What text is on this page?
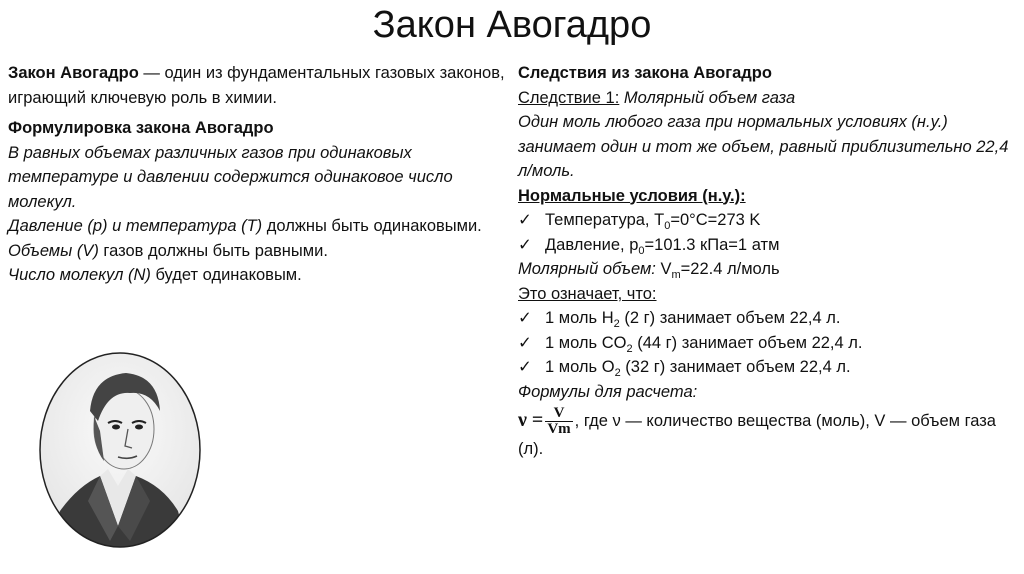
Закон Авогадро
Закон Авогадро — один из фундаментальных газовых законов, играющий ключевую роль в химии.
Формулировка закона Авогадро
В равных объемах различных газов при одинаковых температуре и давлении содержится одинаковое число молекул.
Давление (p) и температура (T) должны быть одинаковыми.
Объемы (V) газов должны быть равными.
Число молекул (N) будет одинаковым.
Следствия из закона Авогадро
Следствие 1: Молярный объем газа
Один моль любого газа при нормальных условиях (н.у.) занимает один и тот же объем, равный приблизительно 22,4 л/моль.
Нормальные условия (н.у.):
✓ Температура, $T_0=0^\circ C=273$ K
✓ Давление, $p_0=101.3$ кПа=1 атм
Молярный объем: $V_m=22.4$ л/моль
Это означает, что:
✓ 1 моль $H_2$ (2 г) занимает объем 22,4 л.
✓ 1 моль $CO_2$ (44 г) занимает объем 22,4 л.
✓ 1 моль $O_2$ (32 г) занимает объем 22,4 л.
Формулы для расчета:
$\nu = \frac{V}{Vm}$ , где ν — количество вещества (моль), V — объем газа (л).
